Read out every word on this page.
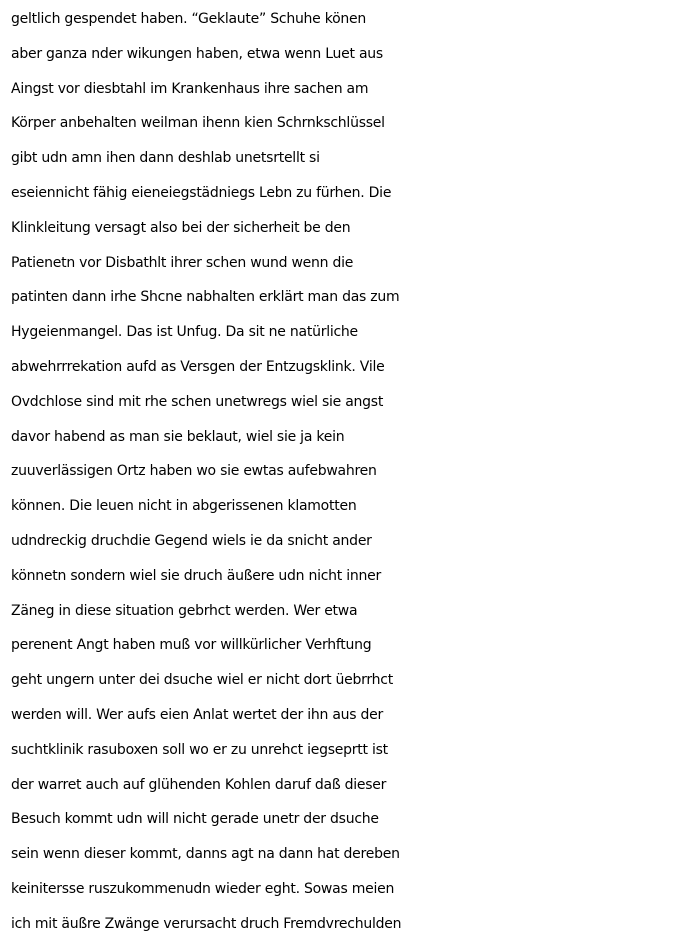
geltlich gespendet haben. “Geklaute” Schuhe könen
aber ganza nder wikungen haben, etwa wenn Luet aus
Aingst vor diesbtahl im Krankenhaus ihre sachen am
Körper anbehalten weilman ihenn kien Schrnkschlüssel
gibt udn amn ihen dann deshlab unetsrtellt si
eseiennicht fähig eieneiegstädniegs Lebn zu fürhen. Die
Klinkleitung versagt also bei der sicherheit be den
Patienetn vor Disbathlt ihrer schen wund wenn die
patinten dann irhe Shcne nabhalten erklärt man das zum
Hygeienmangel. Das ist Unfug. Da sit ne natürliche
abwehrrrekation aufd as Versgen der Entzugsklink. Vile
Ovdchlose sind mit rhe schen unetwregs wiel sie angst
davor habend as man sie beklaut, wiel sie ja kein
zuuverlässigen Ortz haben wo sie ewtas aufebwahren
können. Die leuen nicht in abgerissenen klamotten
udndreckig druchdie Gegend wiels ie da snicht ander
könnetn sondern wiel sie druch äußere udn nicht inner
Zäneg in diese situation gebrhct werden. Wer etwa
perenent Angt haben muß vor willkürlicher Verhftung
geht ungern unter dei dsuche wiel er nicht dort üebrrhct
werden will. Wer aufs eien Anlat wertet der ihn aus der
suchtklinik rasuboxen soll wo er zu unrehct iegseprtt ist
der warret auch auf glühenden Kohlen daruf daß dieser
Besuch kommt udn will nicht gerade unetr der dsuche
sein wenn dieser kommt, danns agt na dann hat dereben
keinitersse ruszukommenudn wieder eght. Sowas meien
ich mit äußre Zwänge verursacht druch Fremdvrechulden
